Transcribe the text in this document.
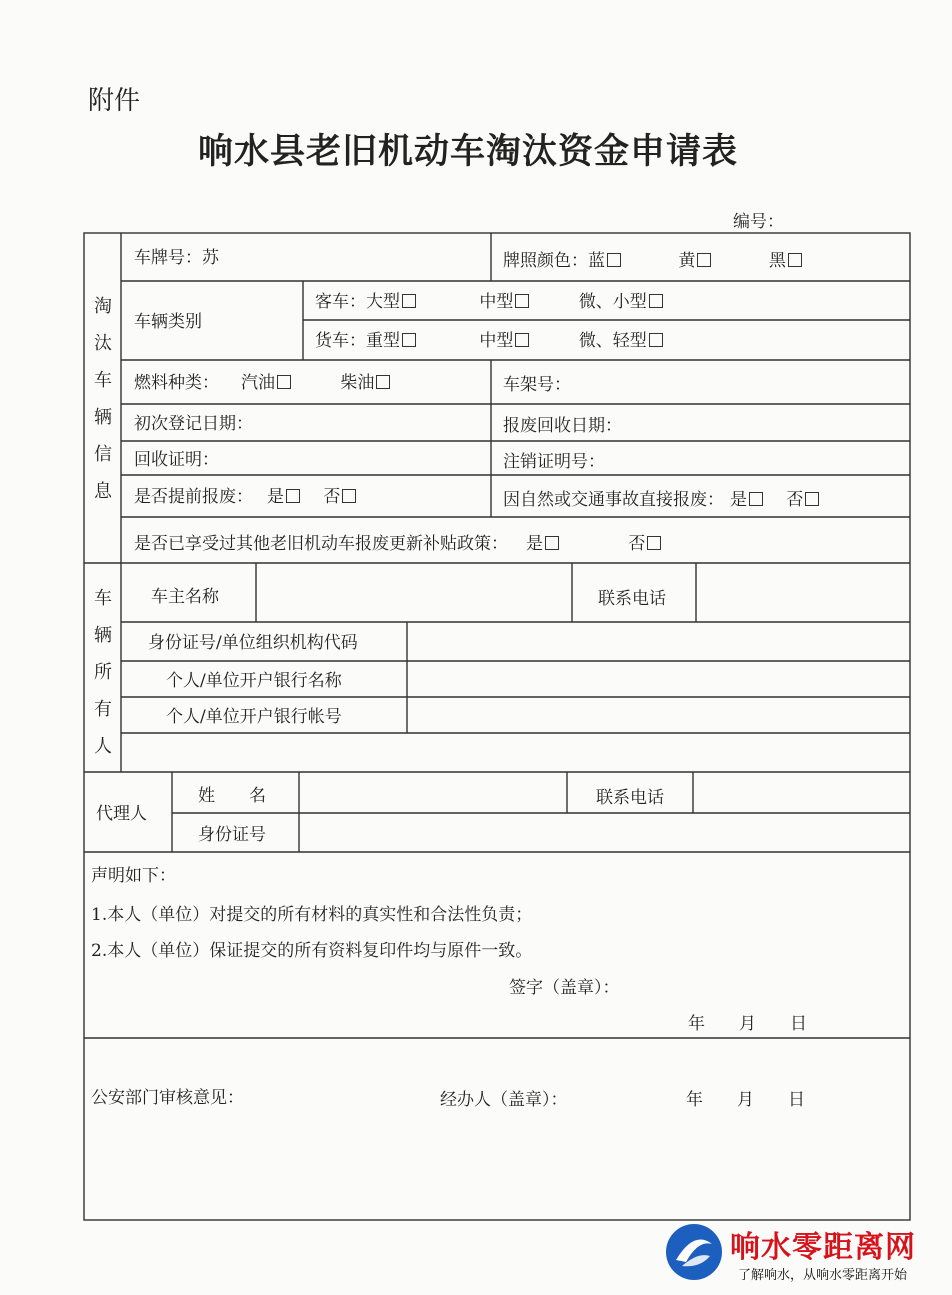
附件
响水县老旧机动车淘汰资金申请表
编号：
淘汰车辆信息
车牌号：苏	牌照颜色：蓝	黄	黑
车辆类别
客车：大型	中型	微、小型
货车：重型	中型	微、轻型
燃料种类： 汽油	柴油	车架号：
初次登记日期：	报废回收日期：
回收证明：	注销证明号：
是否提前报废： 是 否	因自然或交通事故直接报废： 是 否
是否已享受过其他老旧机动车报废更新补贴政策： 是	否
车辆所有人
车主名称	联系电话
身份证号/单位组织机构代码
个人/单位开户银行名称
个人/单位开户银行帐号
代理人
姓　　名	联系电话
身份证号
声明如下：
1.本人（单位）对提交的所有材料的真实性和合法性负责；
2.本人（单位）保证提交的所有资料复印件均与原件一致。
签字（盖章）：
年　　月　　日
公安部门审核意见：	经办人（盖章）：	年　　月　　日
响水零距离网
了解响水，从响水零距离开始
